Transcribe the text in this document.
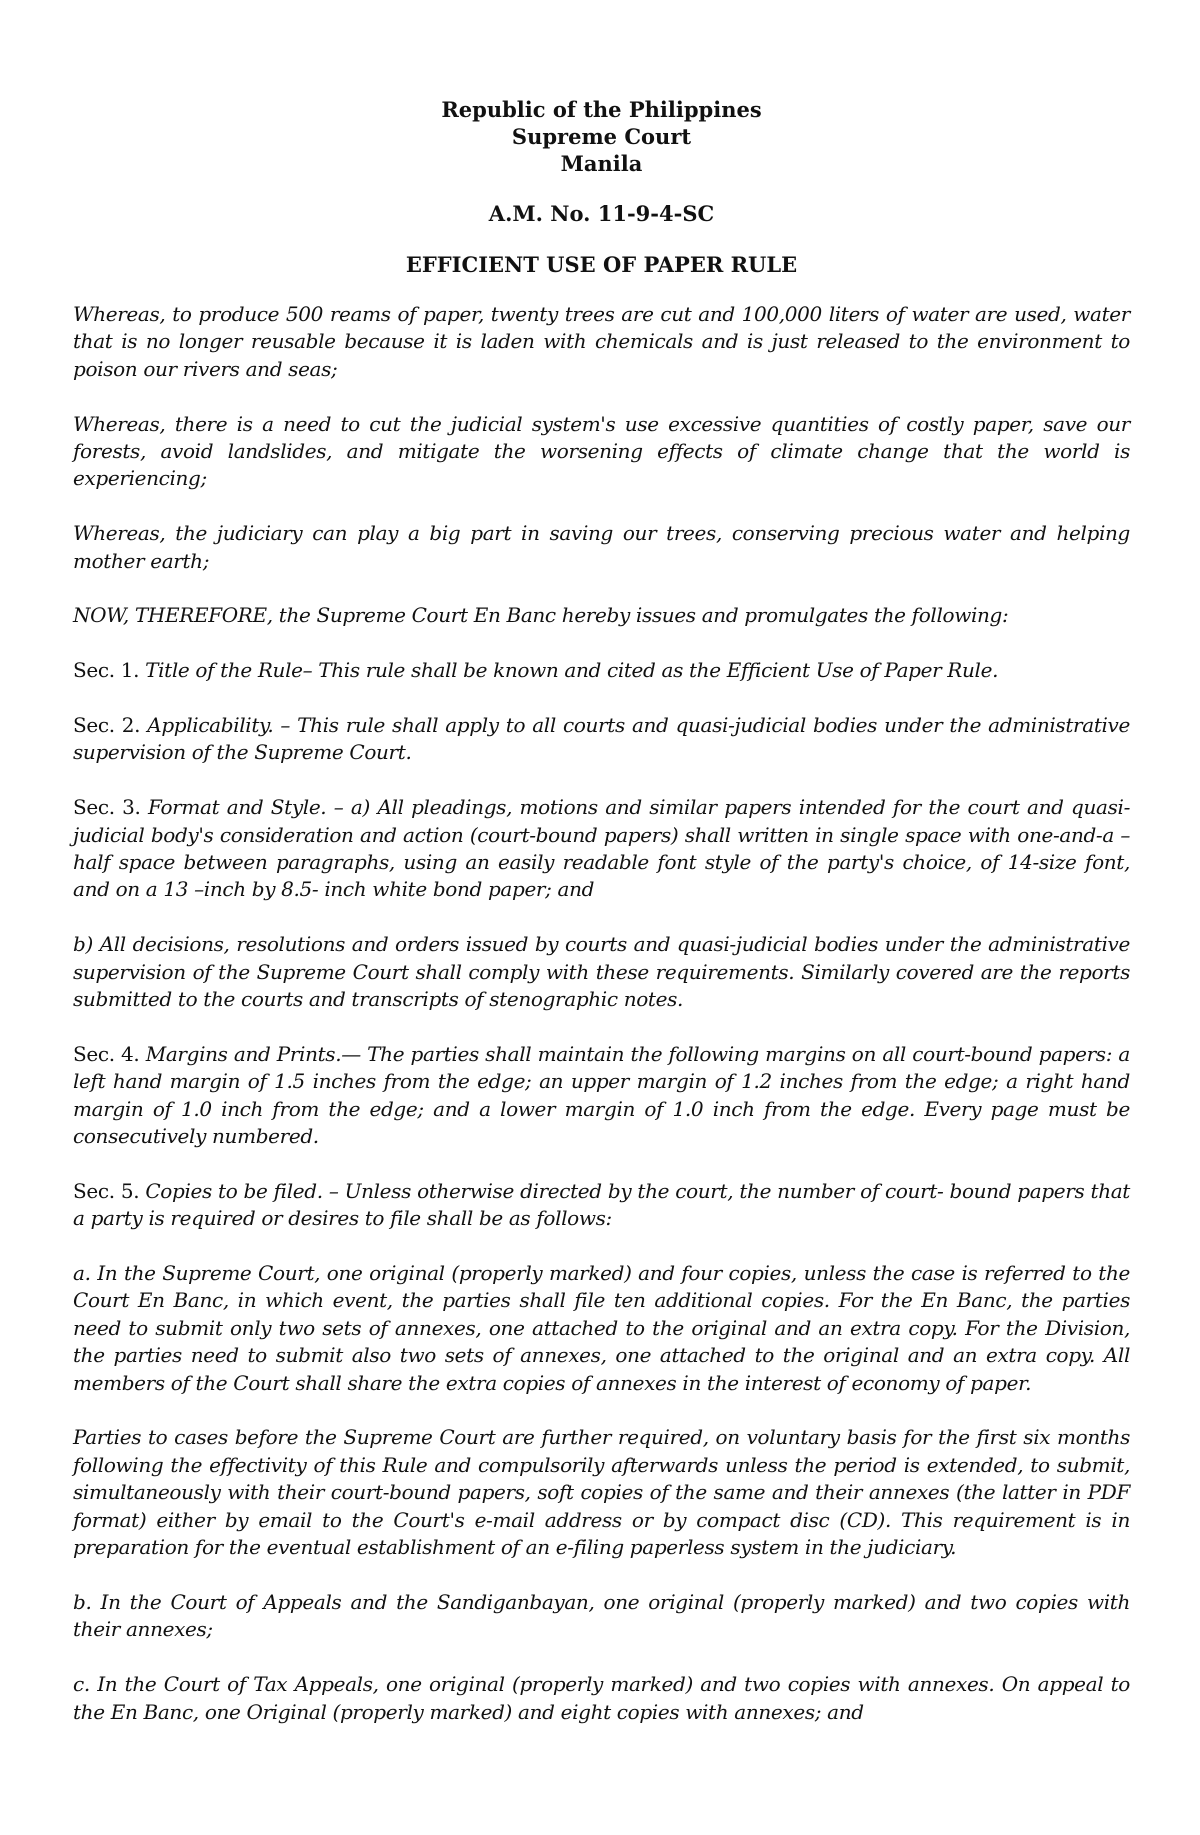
Republic of the Philippines
Supreme Court
Manila
A.M. No. 11-9-4-SC
EFFICIENT USE OF PAPER RULE

Whereas, to produce 500 reams of paper, twenty trees are cut and 100,000 liters of water are used, water that is no longer reusable because it is laden with chemicals and is just released to the environment to poison our rivers and seas;

Whereas, there is a need to cut the judicial system's use excessive quantities of costly paper, save our forests, avoid landslides, and mitigate the worsening effects of climate change that the world is experiencing;

Whereas, the judiciary can play a big part in saving our trees, conserving precious water and helping mother earth;

NOW, THEREFORE, the Supreme Court En Banc hereby issues and promulgates the following:

Sec. 1. Title of the Rule– This rule shall be known and cited as the Efficient Use of Paper Rule.

Sec. 2. Applicability. – This rule shall apply to all courts and quasi-judicial bodies under the administrative supervision of the Supreme Court.

Sec. 3. Format and Style. – a) All pleadings, motions and similar papers intended for the court and quasi-judicial body's consideration and action (court-bound papers) shall written in single space with one-and-a – half space between paragraphs, using an easily readable font style of the party's choice, of 14-size font, and on a 13 –inch by 8.5- inch white bond paper; and

b) All decisions, resolutions and orders issued by courts and quasi-judicial bodies under the administrative supervision of the Supreme Court shall comply with these requirements. Similarly covered are the reports submitted to the courts and transcripts of stenographic notes.

Sec. 4. Margins and Prints.— The parties shall maintain the following margins on all court-bound papers: a left hand margin of 1.5 inches from the edge; an upper margin of 1.2 inches from the edge; a right hand margin of 1.0 inch from the edge; and a lower margin of 1.0 inch from the edge. Every page must be consecutively numbered.

Sec. 5. Copies to be filed. – Unless otherwise directed by the court, the number of court- bound papers that a party is required or desires to file shall be as follows:

a. In the Supreme Court, one original (properly marked) and four copies, unless the case is referred to the Court En Banc, in which event, the parties shall file ten additional copies. For the En Banc, the parties need to submit only two sets of annexes, one attached to the original and an extra copy. For the Division, the parties need to submit also two sets of annexes, one attached to the original and an extra copy. All members of the Court shall share the extra copies of annexes in the interest of economy of paper.

Parties to cases before the Supreme Court are further required, on voluntary basis for the first six months following the effectivity of this Rule and compulsorily afterwards unless the period is extended, to submit, simultaneously with their court-bound papers, soft copies of the same and their annexes (the latter in PDF format) either by email to the Court's e-mail address or by compact disc (CD). This requirement is in preparation for the eventual establishment of an e-filing paperless system in the judiciary.

b. In the Court of Appeals and the Sandiganbayan, one original (properly marked) and two copies with their annexes;

c. In the Court of Tax Appeals, one original (properly marked) and two copies with annexes. On appeal to the En Banc, one Original (properly marked) and eight copies with annexes; and
